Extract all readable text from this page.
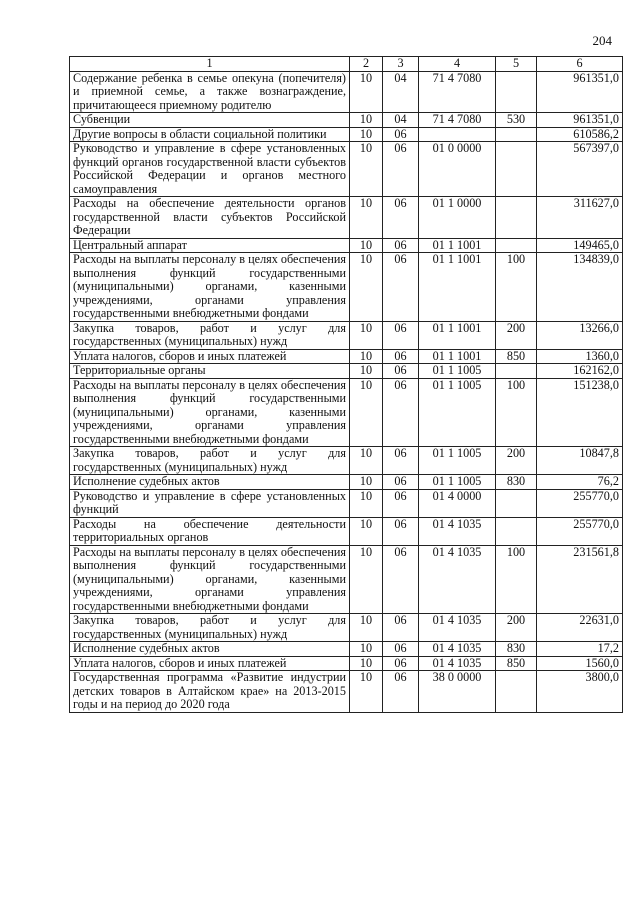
204
1	2	3	4	5	6
Содержание ребенка в семье опекуна (попечителя) и приемной семье, а также вознаграждение, причитающееся приемному родителю	10	04	71 4 7080		961351,0
Субвенции	10	04	71 4 7080	530	961351,0
Другие вопросы в области социальной политики	10	06			610586,2
Руководство и управление в сфере установленных функций органов государственной власти субъектов Российской Федерации и органов местного самоуправления	10	06	01 0 0000		567397,0
Расходы на обеспечение деятельности органов государственной власти субъектов Российской Федерации	10	06	01 1 0000		311627,0
Центральный аппарат	10	06	01 1 1001		149465,0
Расходы на выплаты персоналу в целях обеспечения выполнения функций государственными (муниципальными) органами, казенными учреждениями, органами управления государственными внебюджетными фондами	10	06	01 1 1001	100	134839,0
Закупка товаров, работ и услуг для государственных (муниципальных) нужд	10	06	01 1 1001	200	13266,0
Уплата налогов, сборов и иных платежей	10	06	01 1 1001	850	1360,0
Территориальные органы	10	06	01 1 1005		162162,0
Расходы на выплаты персоналу в целях обеспечения выполнения функций государственными (муниципальными) органами, казенными учреждениями, органами управления государственными внебюджетными фондами	10	06	01 1 1005	100	151238,0
Закупка товаров, работ и услуг для государственных (муниципальных) нужд	10	06	01 1 1005	200	10847,8
Исполнение судебных актов	10	06	01 1 1005	830	76,2
Руководство и управление в сфере установленных функций	10	06	01 4 0000		255770,0
Расходы на обеспечение деятельности территориальных органов	10	06	01 4 1035		255770,0
Расходы на выплаты персоналу в целях обеспечения выполнения функций государственными (муниципальными) органами, казенными учреждениями, органами управления государственными внебюджетными фондами	10	06	01 4 1035	100	231561,8
Закупка товаров, работ и услуг для государственных (муниципальных) нужд	10	06	01 4 1035	200	22631,0
Исполнение судебных актов	10	06	01 4 1035	830	17,2
Уплата налогов, сборов и иных платежей	10	06	01 4 1035	850	1560,0
Государственная программа «Развитие индустрии детских товаров в Алтайском крае» на 2013-2015 годы и на период до 2020 года	10	06	38 0 0000		3800,0
